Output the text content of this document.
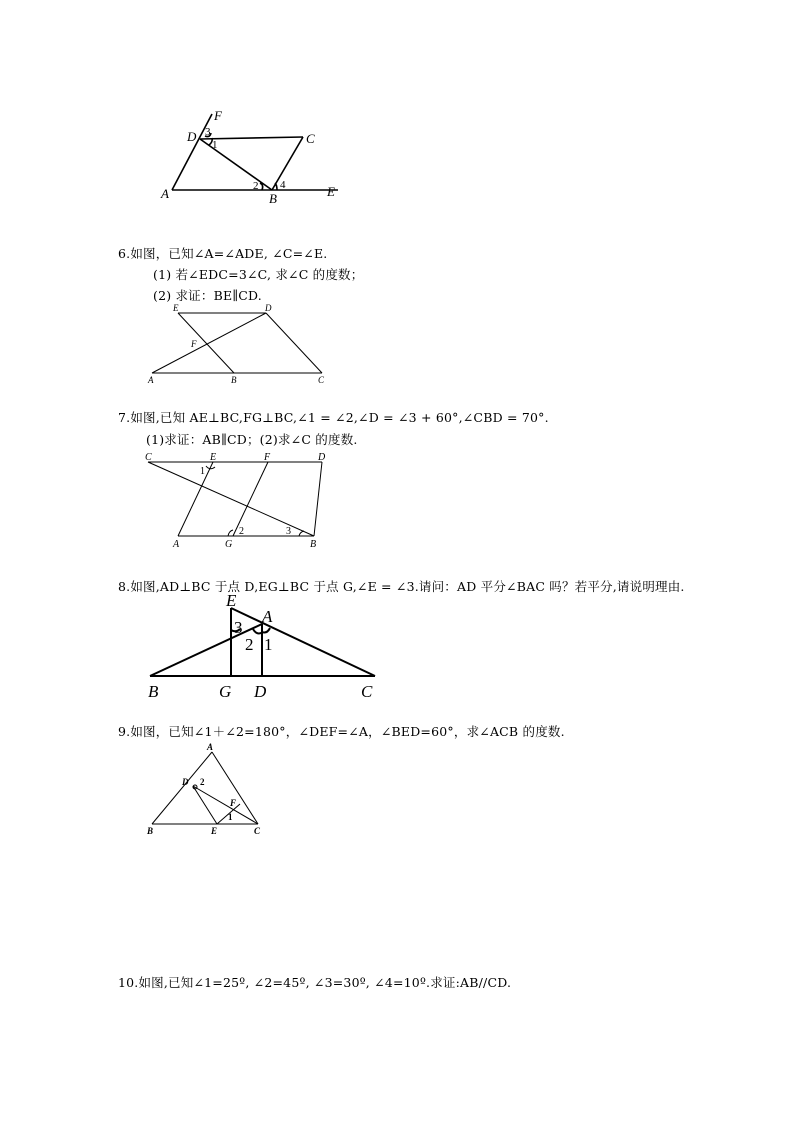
F
D	C
A	B	E
3
1
2 4
6.如图，已知∠A=∠ADE, ∠C=∠E.
(1) 若∠EDC=3∠C, 求∠C 的度数；
(2) 求证：BE∥CD.
E	D
F
A	B	C
7.如图,已知 AE⊥BC,FG⊥BC,∠1 = ∠2,∠D = ∠3 + 60°,∠CBD = 70°.
(1)求证：AB∥CD；(2)求∠C 的度数.
C	E	F	D
1
2	3
A	G	B
8.如图,AD⊥BC 于点 D,EG⊥BC 于点 G,∠E = ∠3.请问：AD 平分∠BAC 吗？若平分,请说明理由.
E
A
3
2 1
B	G D	C
9.如图，已知∠1＋∠2=180°，∠DEF=∠A，∠BED=60°，求∠ACB 的度数.
A
D 2
F
1
B	E	C
10.如图,已知∠1=25º, ∠2=45º, ∠3=30º, ∠4=10º.求证:AB//CD.
